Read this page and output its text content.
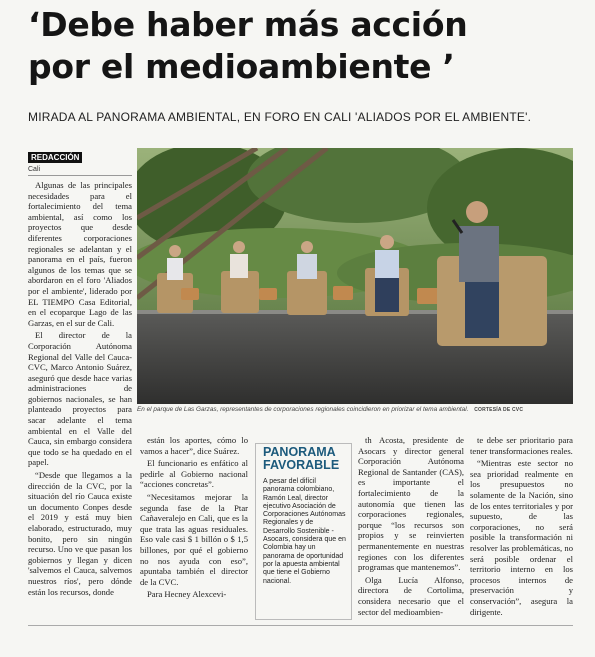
‘Debe haber más acción
por el medioambiente ’
MIRADA AL PANORAMA AMBIENTAL, EN FORO EN CALI 'ALIADOS POR EL AMBIENTE'.
REDACCIÓN
Cali

Algunas de las principales necesidades para el fortalecimiento del tema ambiental, así como los proyectos que desde diferentes corporaciones regionales se adelantan y el panorama en el país, fueron algunos de los temas que se abordaron en el foro 'Aliados por el ambiente', liderado por EL TIEMPO Casa Editorial, en el ecoparque Lago de las Garzas, en el sur de Cali.

El director de la Corporación Autónoma Regional del Valle del Cauca-CVC, Marco Antonio Suárez, aseguró que desde hace varias administraciones de gobiernos nacionales, se han planteado proyectos para sacar adelante el tema ambiental en el Valle del Cauca, sin embargo considera que todo se ha quedado en el papel.

“Desde que llegamos a la dirección de la CVC, por la situación del río Cauca existe un documento Conpes desde el 2019 y está muy bien elaborado, estructurado, muy bonito, pero sin ningún recurso. Uno ve que pasan los gobiernos y llegan y dicen 'salvemos el Cauca, salvemos nuestros ríos', pero dónde están los recursos, donde

En el parque de Las Garzas, representantes de corporaciones regionales coincidieron en priorizar el tema ambiental. CORTESÍA DE CVC

están los aportes, cómo lo vamos a hacer”, dice Suárez.

El funcionario es enfático al pedirle al Gobierno nacional “acciones concretas”.

“Necesitamos mejorar la segunda fase de la Ptar Cañaveralejo en Cali, que es la que trata las aguas residuales. Eso vale casi $ 1 billón o $ 1,5 billones, por qué el gobierno no nos ayuda con eso”, apuntaba también el director de la CVC.

Para Hecney Alexcevi-

PANORAMA
FAVORABLE

A pesar del difícil panorama colombiano, Ramón Leal, director ejecutivo Asociación de Corporaciones Autónomas Regionales y de Desarrollo Sostenible - Asocars, considera que en Colombia hay un panorama de oportunidad por la apuesta ambiental que tiene el Gobierno nacional.

th Acosta, presidente de Asocars y director general Corporación Autónoma Regional de Santander (CAS), es importante el fortalecimiento de la autonomía que tienen las corporaciones regionales, porque “los recursos son propios y se reinvierten permanentemente en nuestras regiones con los diferentes programas que mantenemos”.

Olga Lucía Alfonso, directora de Cortolima, considera necesario que el sector del medioambien-

te debe ser prioritario para tener transformaciones reales.

“Mientras este sector no sea prioridad realmente en los presupuestos no solamente de la Nación, sino de los entes territoriales y por supuesto, de las corporaciones, no será posible la transformación ni resolver las problemáticas, no será posible ordenar el territorio interno en los procesos internos de preservación y conservación”, asegura la dirigente.
